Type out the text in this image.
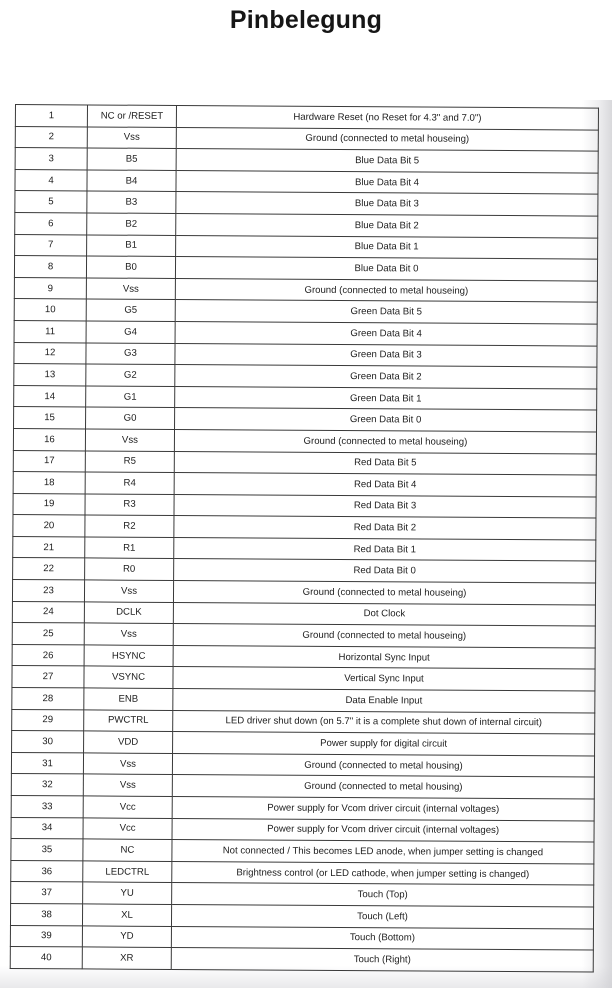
Pinbelegung
1	NC or /RESET	Hardware Reset (no Reset for 4.3" and 7.0")
2	Vss	Ground (connected to metal houseing)
3	B5	Blue Data Bit 5
4	B4	Blue Data Bit 4
5	B3	Blue Data Bit 3
6	B2	Blue Data Bit 2
7	B1	Blue Data Bit 1
8	B0	Blue Data Bit 0
9	Vss	Ground (connected to metal houseing)
10	G5	Green Data Bit 5
11	G4	Green Data Bit 4
12	G3	Green Data Bit 3
13	G2	Green Data Bit 2
14	G1	Green Data Bit 1
15	G0	Green Data Bit 0
16	Vss	Ground (connected to metal houseing)
17	R5	Red Data Bit 5
18	R4	Red Data Bit 4
19	R3	Red Data Bit 3
20	R2	Red Data Bit 2
21	R1	Red Data Bit 1
22	R0	Red Data Bit 0
23	Vss	Ground (connected to metal houseing)
24	DCLK	Dot Clock
25	Vss	Ground (connected to metal houseing)
26	HSYNC	Horizontal Sync Input
27	VSYNC	Vertical Sync Input
28	ENB	Data Enable Input
29	PWCTRL	LED driver shut down (on 5.7" it is a complete shut down of internal circuit)
30	VDD	Power supply for digital circuit
31	Vss	Ground (connected to metal housing)
32	Vss	Ground (connected to metal housing)
33	Vcc	Power supply for Vcom driver circuit (internal voltages)
34	Vcc	Power supply for Vcom driver circuit (internal voltages)
35	NC	Not connected / This becomes LED anode, when jumper setting is changed
36	LEDCTRL	Brightness control (or LED cathode, when jumper setting is changed)
37	YU	Touch (Top)
38	XL	Touch (Left)
39	YD	Touch (Bottom)
40	XR	Touch (Right)
